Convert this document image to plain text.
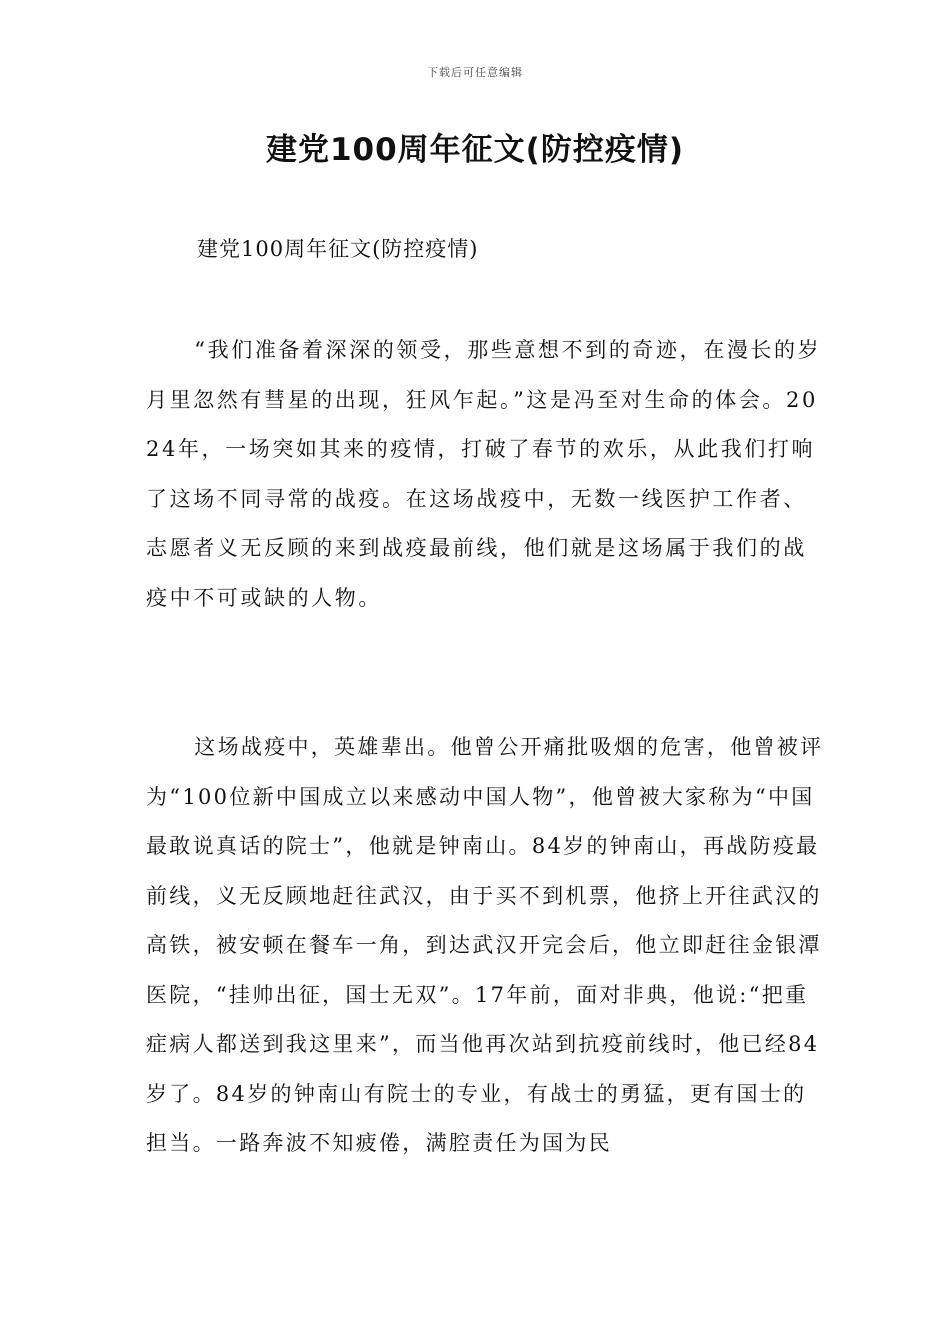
下载后可任意编辑
建党100周年征文(防控疫情)
建党100周年征文(防控疫情)

“我们准备着深深的领受，那些意想不到的奇迹，在漫长的岁月里忽然有彗星的出现，狂风乍起。”这是冯至对生命的体会。2024年，一场突如其来的疫情，打破了春节的欢乐，从此我们打响了这场不同寻常的战疫。在这场战疫中，无数一线医护工作者、志愿者义无反顾的来到战疫最前线，他们就是这场属于我们的战疫中不可或缺的人物。

这场战疫中，英雄辈出。他曾公开痛批吸烟的危害，他曾被评为“100位新中国成立以来感动中国人物”，他曾被大家称为“中国最敢说真话的院士”，他就是钟南山。84岁的钟南山，再战防疫最前线，义无反顾地赶往武汉，由于买不到机票，他挤上开往武汉的高铁，被安顿在餐车一角，到达武汉开完会后，他立即赶往金银潭医院，“挂帅出征，国士无双”。17年前，面对非典，他说:“把重症病人都送到我这里来”，而当他再次站到抗疫前线时，他已经84岁了。84岁的钟南山有院士的专业，有战士的勇猛，更有国士的担当。一路奔波不知疲倦，满腔责任为国为民
